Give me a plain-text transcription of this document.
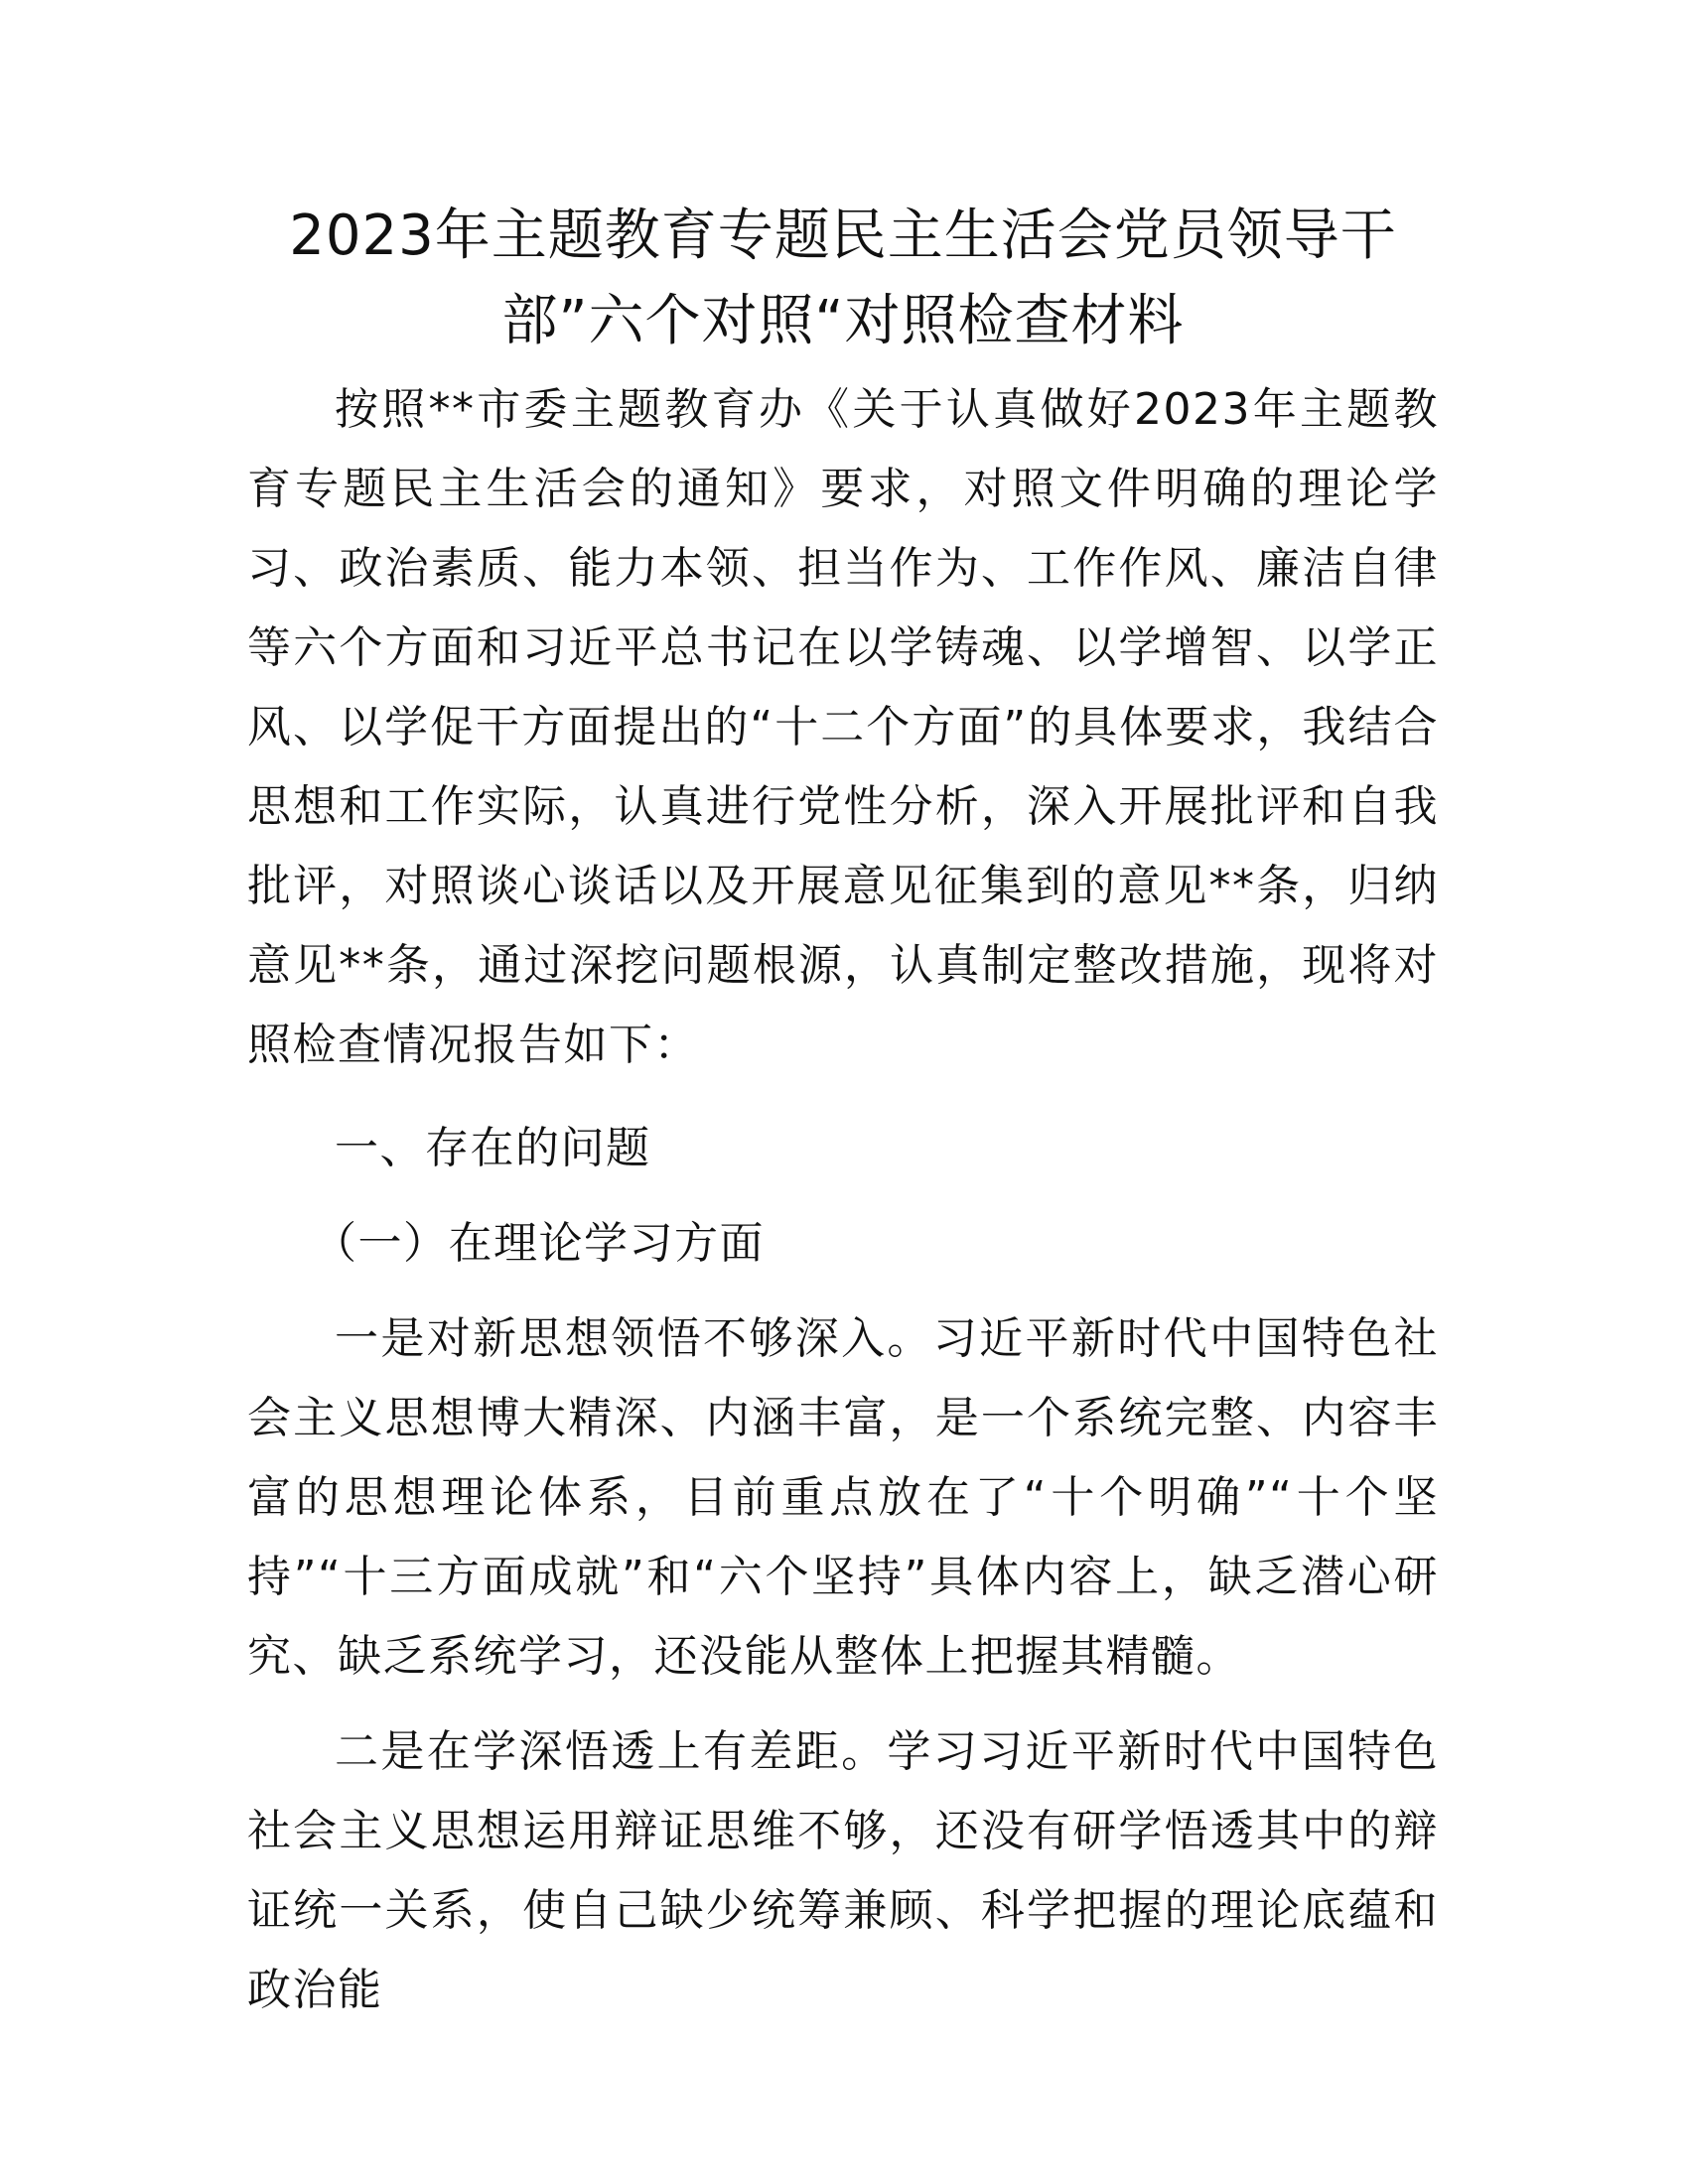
2023年主题教育专题民主生活会党员领导干
部”六个对照“对照检查材料

按照**市委主题教育办《关于认真做好2023年主题教育专题民主生活会的通知》要求，对照文件明确的理论学习、政治素质、能力本领、担当作为、工作作风、廉洁自律等六个方面和习近平总书记在以学铸魂、以学增智、以学正风、以学促干方面提出的“十二个方面”的具体要求，我结合思想和工作实际，认真进行党性分析，深入开展批评和自我批评，对照谈心谈话以及开展意见征集到的意见**条，归纳意见**条，通过深挖问题根源，认真制定整改措施，现将对照检查情况报告如下：

一、存在的问题

（一）在理论学习方面

一是对新思想领悟不够深入。习近平新时代中国特色社会主义思想博大精深、内涵丰富，是一个系统完整、内容丰富的思想理论体系，目前重点放在了“十个明确”“十个坚持”“十三方面成就”和“六个坚持”具体内容上，缺乏潜心研究、缺乏系统学习，还没能从整体上把握其精髓。

二是在学深悟透上有差距。学习习近平新时代中国特色社会主义思想运用辩证思维不够，还没有研学悟透其中的辩证统一关系，使自己缺少统筹兼顾、科学把握的理论底蕴和政治能
